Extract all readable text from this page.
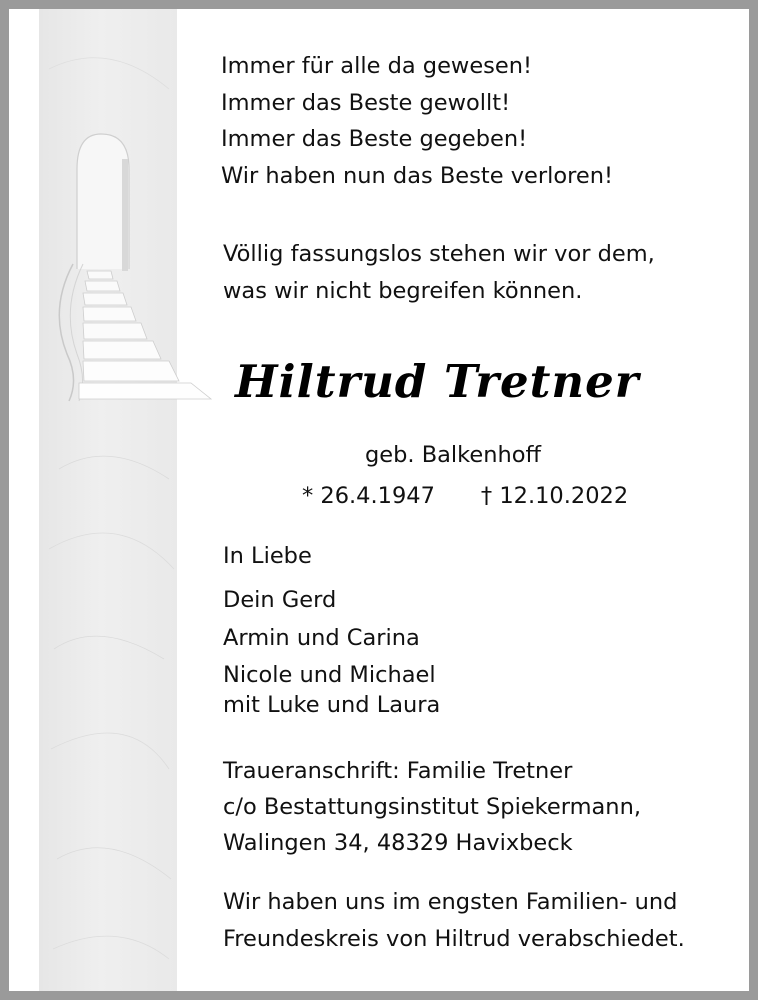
Immer für alle da gewesen!
Immer das Beste gewollt!
Immer das Beste gegeben!
Wir haben nun das Beste verloren!
Völlig fassungslos stehen wir vor dem,
was wir nicht begreifen können.
Hiltrud Tretner
geb. Balkenhoff
* 26.4.1947 † 12.10.2022
In Liebe
Dein Gerd
Armin und Carina
Nicole und Michael
mit Luke und Laura
Traueranschrift: Familie Tretner
c/o Bestattungsinstitut Spiekermann,
Walingen 34, 48329 Havixbeck
Wir haben uns im engsten Familien- und
Freundeskreis von Hiltrud verabschiedet.
